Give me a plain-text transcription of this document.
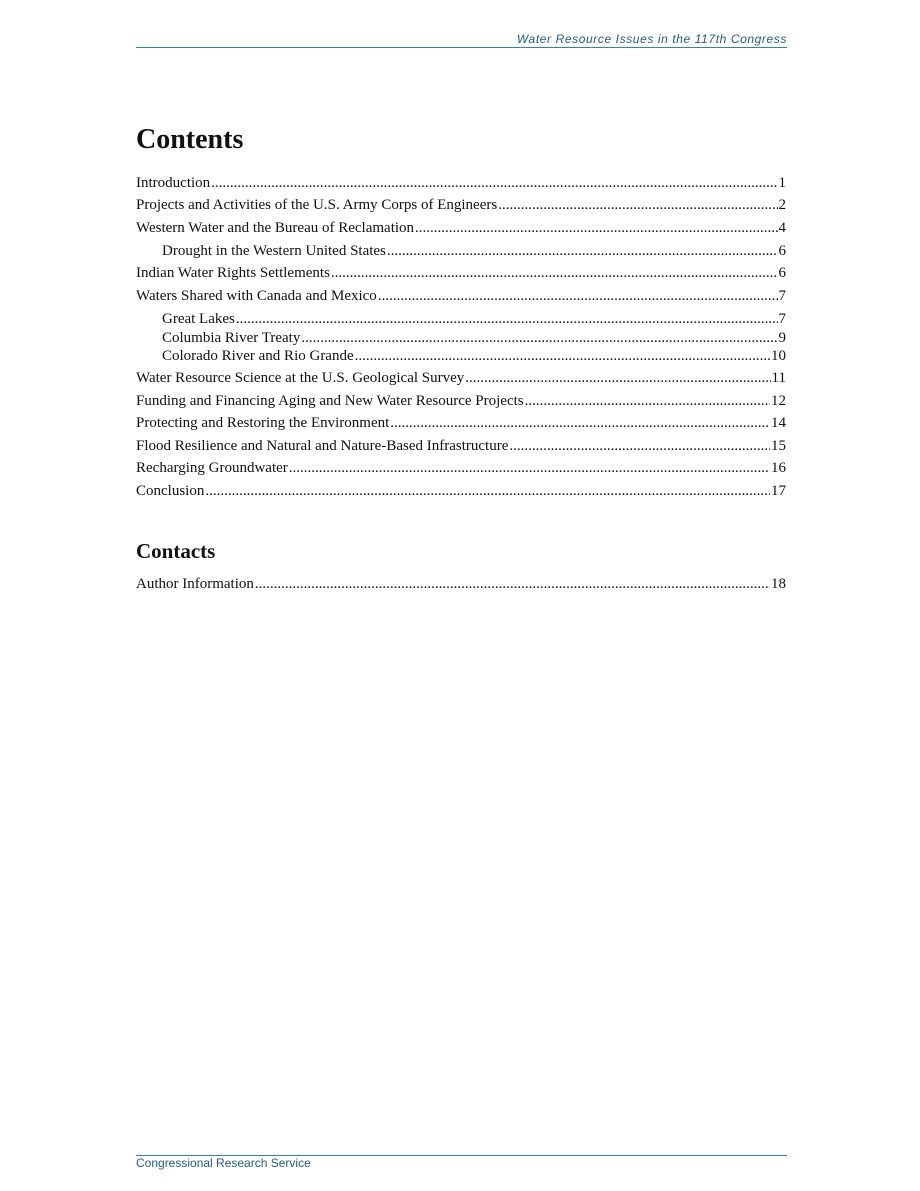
Water Resource Issues in the 117th Congress
Contents
Introduction .....	1
Projects and Activities of the U.S. Army Corps of Engineers .....	2
Western Water and the Bureau of Reclamation .....	4
Drought in the Western United States .....	6
Indian Water Rights Settlements .....	6
Waters Shared with Canada and Mexico .....	7
Great Lakes .....	7
Columbia River Treaty .....	9
Colorado River and Rio Grande .....	10
Water Resource Science at the U.S. Geological Survey .....	11
Funding and Financing Aging and New Water Resource Projects .....	12
Protecting and Restoring the Environment .....	14
Flood Resilience and Natural and Nature-Based Infrastructure .....	15
Recharging Groundwater .....	16
Conclusion .....	17
Contacts
Author Information .....	18
Congressional Research Service
